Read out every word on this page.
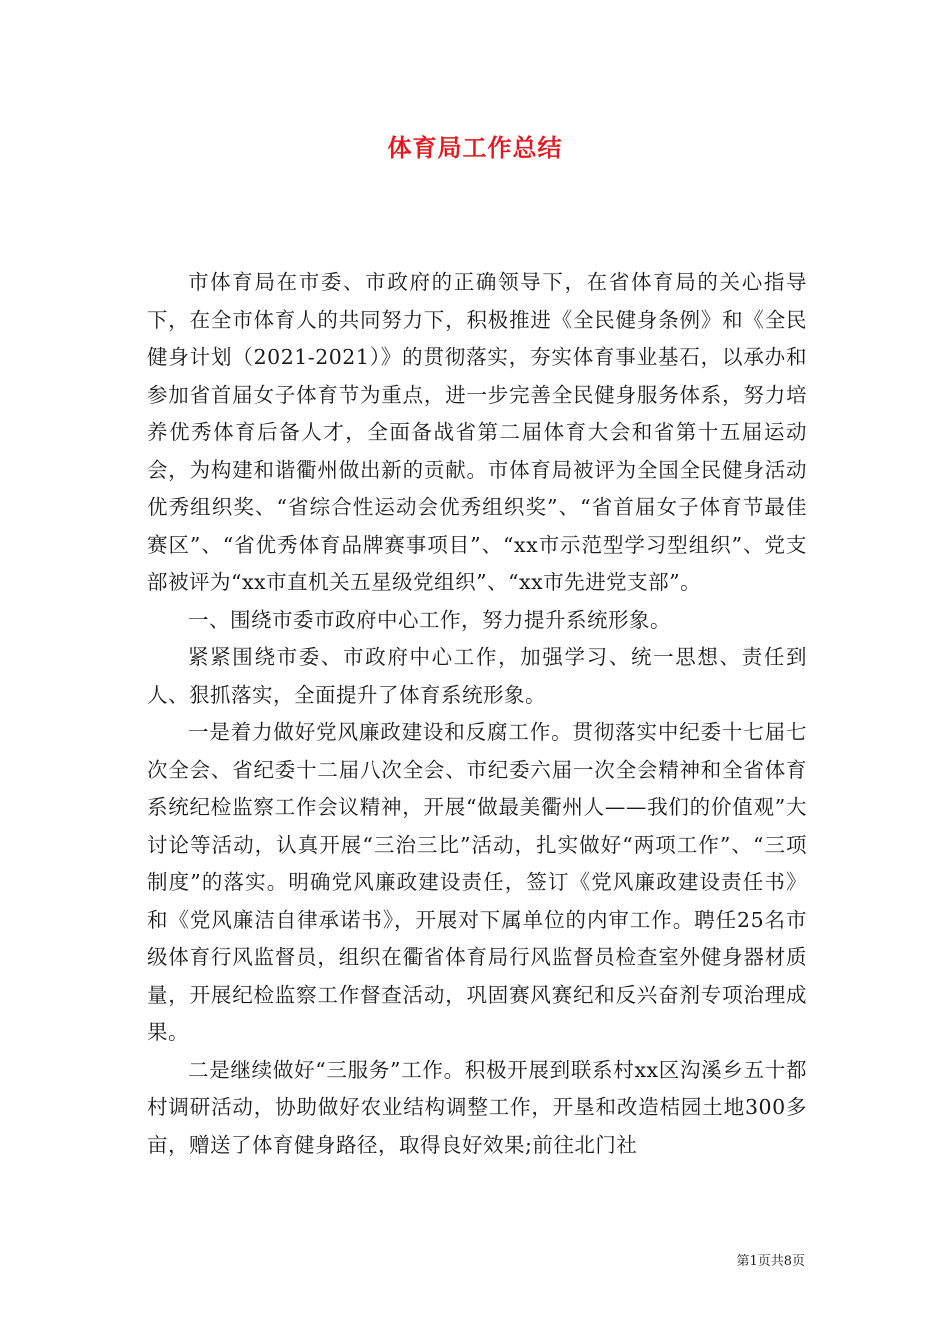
体育局工作总结

市体育局在市委、市政府的正确领导下，在省体育局的关心指导下，在全市体育人的共同努力下，积极推进《全民健身条例》和《全民健身计划（2021-2021）》的贯彻落实，夯实体育事业基石，以承办和参加省首届女子体育节为重点，进一步完善全民健身服务体系，努力培养优秀体育后备人才，全面备战省第二届体育大会和省第十五届运动会，为构建和谐衢州做出新的贡献。市体育局被评为全国全民健身活动优秀组织奖、“省综合性运动会优秀组织奖”、“省首届女子体育节最佳赛区”、“省优秀体育品牌赛事项目”、“xx市示范型学习型组织”、党支部被评为“xx市直机关五星级党组织”、“xx市先进党支部”。

一、围绕市委市政府中心工作，努力提升系统形象。

紧紧围绕市委、市政府中心工作，加强学习、统一思想、责任到人、狠抓落实，全面提升了体育系统形象。

一是着力做好党风廉政建设和反腐工作。贯彻落实中纪委十七届七次全会、省纪委十二届八次全会、市纪委六届一次全会精神和全省体育系统纪检监察工作会议精神，开展“做最美衢州人——我们的价值观”大讨论等活动，认真开展“三治三比”活动，扎实做好“两项工作”、“三项制度”的落实。明确党风廉政建设责任，签订《党风廉政建设责任书》和《党风廉洁自律承诺书》，开展对下属单位的内审工作。聘任25名市级体育行风监督员，组织在衢省体育局行风监督员检查室外健身器材质量，开展纪检监察工作督查活动，巩固赛风赛纪和反兴奋剂专项治理成果。

二是继续做好“三服务”工作。积极开展到联系村xx区沟溪乡五十都村调研活动，协助做好农业结构调整工作，开垦和改造桔园土地300多亩，赠送了体育健身路径，取得良好效果;前往北门社

第1页共8页
